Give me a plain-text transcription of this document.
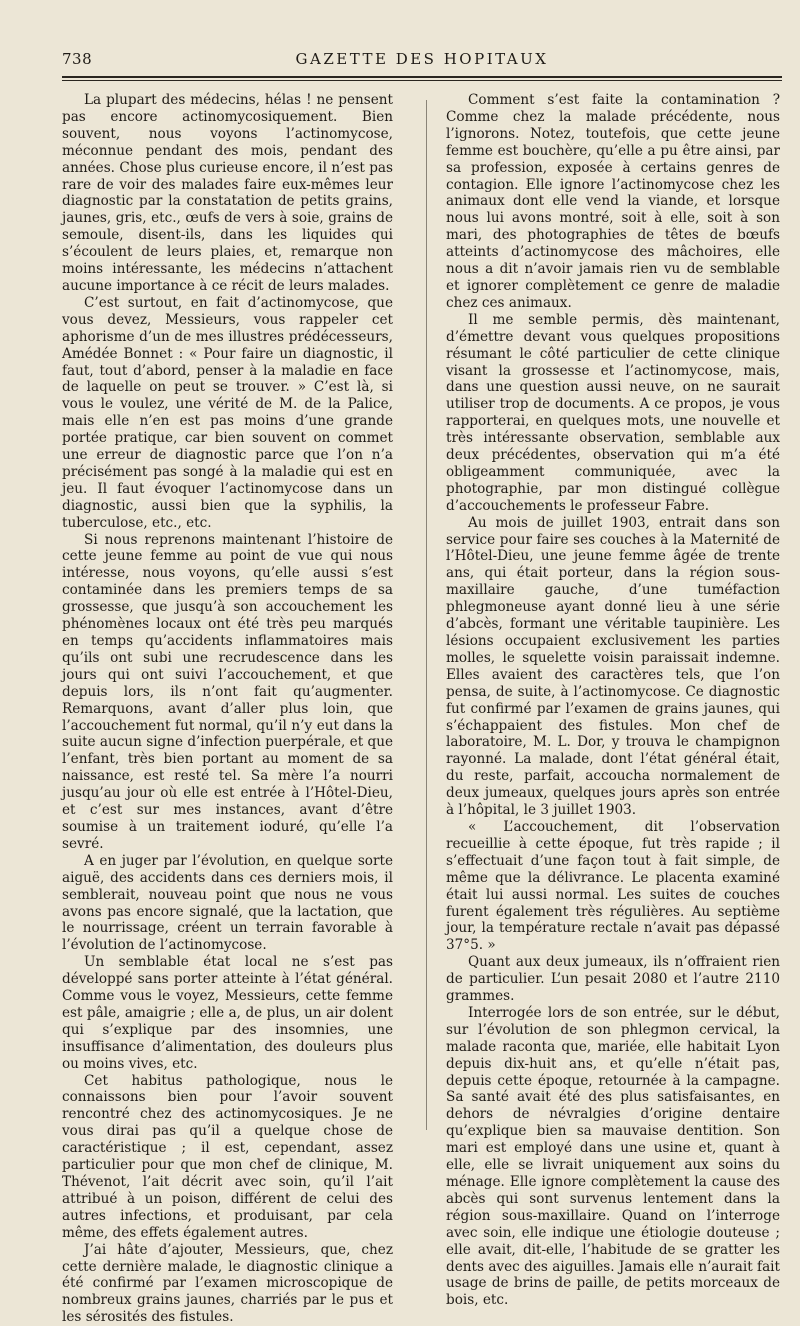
738	GAZETTE DES HOPITAUX

La plupart des médecins, hélas ! ne pensent pas encore actinomycosiquement. Bien souvent, nous voyons l’actinomycose, méconnue pendant des mois, pendant des années. Chose plus curieuse encore, il n’est pas rare de voir des malades faire eux-mêmes leur diagnostic par la constatation de petits grains, jaunes, gris, etc., œufs de vers à soie, grains de semoule, disent-ils, dans les liquides qui s’écoulent de leurs plaies, et, remarque non moins intéressante, les médecins n’attachent aucune importance à ce récit de leurs malades.

C’est surtout, en fait d’actinomycose, que vous devez, Messieurs, vous rappeler cet aphorisme d’un de mes illustres prédécesseurs, Amédée Bonnet : « Pour faire un diagnostic, il faut, tout d’abord, penser à la maladie en face de laquelle on peut se trouver. » C’est là, si vous le voulez, une vérité de M. de la Palice, mais elle n’en est pas moins d’une grande portée pratique, car bien souvent on commet une erreur de diagnostic parce que l’on n’a précisément pas songé à la maladie qui est en jeu. Il faut évoquer l’actinomycose dans un diagnostic, aussi bien que la syphilis, la tuberculose, etc., etc.

Si nous reprenons maintenant l’histoire de cette jeune femme au point de vue qui nous intéresse, nous voyons, qu’elle aussi s’est contaminée dans les premiers temps de sa grossesse, que jusqu’à son accouchement les phénomènes locaux ont été très peu marqués en temps qu’accidents inflammatoires mais qu’ils ont subi une recrudescence dans les jours qui ont suivi l’accouchement, et que depuis lors, ils n’ont fait qu’augmenter. Remarquons, avant d’aller plus loin, que l’accouchement fut normal, qu’il n’y eut dans la suite aucun signe d’infection puerpérale, et que l’enfant, très bien portant au moment de sa naissance, est resté tel. Sa mère l’a nourri jusqu’au jour où elle est entrée à l’Hôtel-Dieu, et c’est sur mes instances, avant d’être soumise à un traitement ioduré, qu’elle l’a sevré.

A en juger par l’évolution, en quelque sorte aiguë, des accidents dans ces derniers mois, il semblerait, nouveau point que nous ne vous avons pas encore signalé, que la lactation, que le nourrissage, créent un terrain favorable à l’évolution de l’actinomycose.

Un semblable état local ne s’est pas développé sans porter atteinte à l’état général. Comme vous le voyez, Messieurs, cette femme est pâle, amaigrie ; elle a, de plus, un air dolent qui s’explique par des insomnies, une insuffisance d’alimentation, des douleurs plus ou moins vives, etc.

Cet habitus pathologique, nous le connaissons bien pour l’avoir souvent rencontré chez des actinomycosiques. Je ne vous dirai pas qu’il a quelque chose de caractéristique ; il est, cependant, assez particulier pour que mon chef de clinique, M. Thévenot, l’ait décrit avec soin, qu’il l’ait attribué à un poison, différent de celui des autres infections, et produisant, par cela même, des effets également autres.

J’ai hâte d’ajouter, Messieurs, que, chez cette dernière malade, le diagnostic clinique a été confirmé par l’examen microscopique de nombreux grains jaunes, charriés par le pus et les sérosités des fistules.

Comment s’est faite la contamination ? Comme chez la malade précédente, nous l’ignorons. Notez, toutefois, que cette jeune femme est bouchère, qu’elle a pu être ainsi, par sa profession, exposée à certains genres de contagion. Elle ignore l’actinomycose chez les animaux dont elle vend la viande, et lorsque nous lui avons montré, soit à elle, soit à son mari, des photographies de têtes de bœufs atteints d’actinomycose des mâchoires, elle nous a dit n’avoir jamais rien vu de semblable et ignorer complètement ce genre de maladie chez ces animaux.

Il me semble permis, dès maintenant, d’émettre devant vous quelques propositions résumant le côté particulier de cette clinique visant la grossesse et l’actinomycose, mais, dans une question aussi neuve, on ne saurait utiliser trop de documents. A ce propos, je vous rapporterai, en quelques mots, une nouvelle et très intéressante observation, semblable aux deux précédentes, observation qui m’a été obligeamment communiquée, avec la photographie, par mon distingué collègue d’accouchements le professeur Fabre.

Au mois de juillet 1903, entrait dans son service pour faire ses couches à la Maternité de l’Hôtel-Dieu, une jeune femme âgée de trente ans, qui était porteur, dans la région sous-maxillaire gauche, d’une tuméfaction phlegmoneuse ayant donné lieu à une série d’abcès, formant une véritable taupinière. Les lésions occupaient exclusivement les parties molles, le squelette voisin paraissait indemne. Elles avaient des caractères tels, que l’on pensa, de suite, à l’actinomycose. Ce diagnostic fut confirmé par l’examen de grains jaunes, qui s’échappaient des fistules. Mon chef de laboratoire, M. L. Dor, y trouva le champignon rayonné. La malade, dont l’état général était, du reste, parfait, accoucha normalement de deux jumeaux, quelques jours après son entrée à l’hôpital, le 3 juillet 1903.

« L’accouchement, dit l’observation recueillie à cette époque, fut très rapide ; il s’effectuait d’une façon tout à fait simple, de même que la délivrance. Le placenta examiné était lui aussi normal. Les suites de couches furent également très régulières. Au septième jour, la température rectale n’avait pas dépassé 37°5. »

Quant aux deux jumeaux, ils n’offraient rien de particulier. L’un pesait 2080 et l’autre 2110 grammes.

Interrogée lors de son entrée, sur le début, sur l’évolution de son phlegmon cervical, la malade raconta que, mariée, elle habitait Lyon depuis dix-huit ans, et qu’elle n’était pas, depuis cette époque, retournée à la campagne. Sa santé avait été des plus satisfaisantes, en dehors de névralgies d’origine dentaire qu’explique bien sa mauvaise dentition. Son mari est employé dans une usine et, quant à elle, elle se livrait uniquement aux soins du ménage. Elle ignore complètement la cause des abcès qui sont survenus lentement dans la région sous-maxillaire. Quand on l’interroge avec soin, elle indique une étiologie douteuse ; elle avait, dit-elle, l’habitude de se gratter les dents avec des aiguilles. Jamais elle n’aurait fait usage de brins de paille, de petits morceaux de bois, etc.
